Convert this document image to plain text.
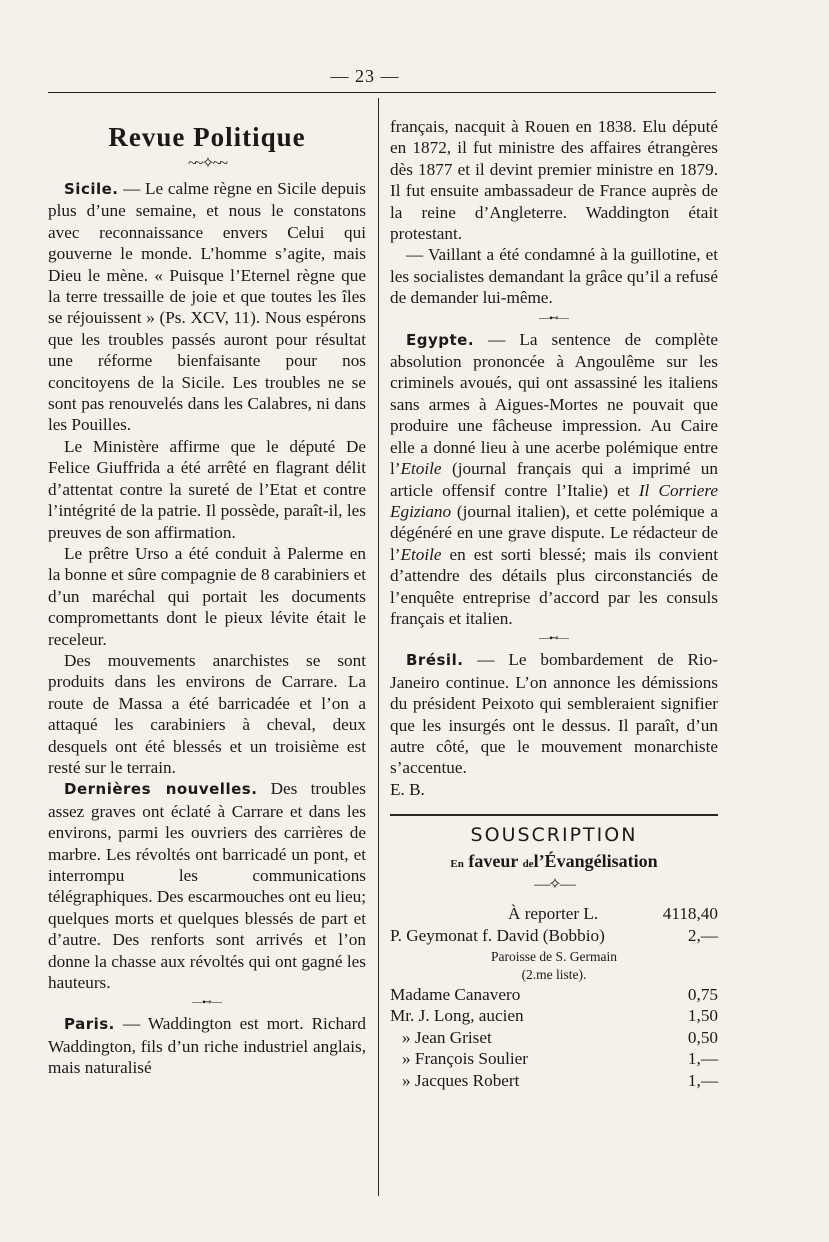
— 23 —
Revue Politique
~~✧~~

Sicile. — Le calme règne en Sicile depuis plus d’une semaine, et nous le constatons avec reconnaissance envers Celui qui gouverne le monde. L’homme s’agite, mais Dieu le mène. « Puisque l’Eternel règne que la terre tressaille de joie et que toutes les îles se réjouissent » (Ps. XCV, 11). Nous espérons que les troubles passés auront pour résultat une réforme bienfaisante pour nos concitoyens de la Sicile. Les troubles ne se sont pas renouvelés dans les Calabres, ni dans les Pouilles.

Le Ministère affirme que le député De Felice Giuffrida a été arrêté en flagrant délit d’attentat contre la sureté de l’Etat et contre l’intégrité de la patrie. Il possède, paraît-il, les preuves de son affirmation.

Le prêtre Urso a été conduit à Palerme en la bonne et sûre compagnie de 8 carabiniers et d’un maréchal qui portait les documents compromettants dont le pieux lévite était le receleur.

Des mouvements anarchistes se sont produits dans les environs de Carrare. La route de Massa a été barricadée et l’on a attaqué les carabiniers à cheval, deux desquels ont été blessés et un troisième est resté sur le terrain.

Dernières nouvelles. Des troubles assez graves ont éclaté à Carrare et dans les environs, parmi les ouvriers des carrières de marbre. Les révoltés ont barricadé un pont, et interrompu les communications télégraphiques. Des escarmouches ont eu lieu; quelques morts et quelques blessés de part et d’autre. Des renforts sont arrivés et l’on donne la chasse aux révoltés qui ont gagné les hauteurs.

—⊷—

Paris. — Waddington est mort. Richard Waddington, fils d’un riche industriel anglais, mais naturalisé

français, nacquit à Rouen en 1838. Elu député en 1872, il fut ministre des affaires étrangères dès 1877 et il devint premier ministre en 1879. Il fut ensuite ambassadeur de France auprès de la reine d’Angleterre. Waddington était protestant.

— Vaillant a été condamné à la guillotine, et les socialistes demandant la grâce qu’il a refusé de demander lui-même.

—⊷—

Egypte. — La sentence de complète absolution prononcée à Angoulême sur les criminels avoués, qui ont assassiné les italiens sans armes à Aigues-Mortes ne pouvait que produire une fâcheuse impression. Au Caire elle a donné lieu à une acerbe polémique entre l’Etoile (journal français qui a imprimé un article offensif contre l’Italie) et Il Corriere Egiziano (journal italien), et cette polémique a dégénéré en une grave dispute. Le rédacteur de l’Etoile en est sorti blessé; mais ils convient d’attendre des détails plus circonstanciés de l’enquête entreprise d’accord par les consuls français et italien.

—⊷—

Brésil. — Le bombardement de Rio-Janeiro continue. L’on annonce les démissions du président Peixoto qui sembleraient signifier que les insurgés ont le dessus. Il paraît, d’un autre côté, que le mouvement monarchiste s’accentue.

E. B.

SOUSCRIPTION
En faveur del’Évangélisation
—✧—
À reporter L.	4118,40
P. Geymonat f. David (Bobbio)	2,—
Paroisse de S. Germain
(2.me liste).
Madame Canavero	0,75
Mr. J. Long, aucien	1,50
» Jean Griset	0,50
» François Soulier	1,—
» Jacques Robert	1,—
